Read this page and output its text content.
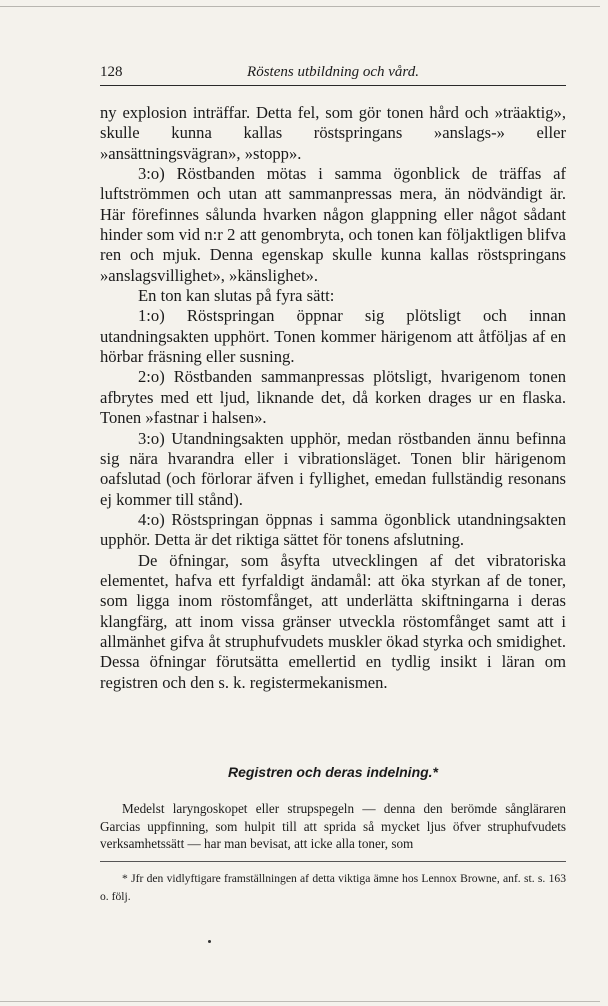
128	Röstens utbildning och vård.

ny explosion inträffar. Detta fel, som gör tonen hård och »träaktig», skulle kunna kallas röstspringans »anslags-» eller »ansättningsvägran», »stopp».

3:o) Röstbanden mötas i samma ögonblick de träffas af luftströmmen och utan att sammanpressas mera, än nödvändigt är. Här förefinnes sålunda hvarken någon glappning eller något sådant hinder som vid n:r 2 att genombryta, och tonen kan följaktligen blifva ren och mjuk. Denna egenskap skulle kunna kallas röstspringans »anslagsvillighet», »känslighet».

En ton kan slutas på fyra sätt:

1:o) Röstspringan öppnar sig plötsligt och innan utandningsakten upphört. Tonen kommer härigenom att åtföljas af en hörbar fräsning eller susning.

2:o) Röstbanden sammanpressas plötsligt, hvarigenom tonen afbrytes med ett ljud, liknande det, då korken drages ur en flaska. Tonen »fastnar i halsen».

3:o) Utandningsakten upphör, medan röstbanden ännu befinna sig nära hvarandra eller i vibrationsläget. Tonen blir härigenom oafslutad (och förlorar äfven i fyllighet, emedan fullständig resonans ej kommer till stånd).

4:o) Röstspringan öppnas i samma ögonblick utandningsakten upphör. Detta är det riktiga sättet för tonens afslutning.

De öfningar, som åsyfta utvecklingen af det vibratoriska elementet, hafva ett fyrfaldigt ändamål: att öka styrkan af de toner, som ligga inom röstomfånget, att underlätta skiftningarna i deras klangfärg, att inom vissa gränser utveckla röstomfånget samt att i allmänhet gifva åt struphufvudets muskler ökad styrka och smidighet. Dessa öfningar förutsätta emellertid en tydlig insikt i läran om registren och den s. k. registermekanismen.

Registren och deras indelning.*

Medelst laryngoskopet eller strupspegeln — denna den berömde sångläraren Garcias uppfinning, som hulpit till att sprida så mycket ljus öfver struphufvudets verksamhetssätt — har man bevisat, att icke alla toner, som

* Jfr den vidlyftigare framställningen af detta viktiga ämne hos Lennox Browne, anf. st. s. 163 o. följ.
